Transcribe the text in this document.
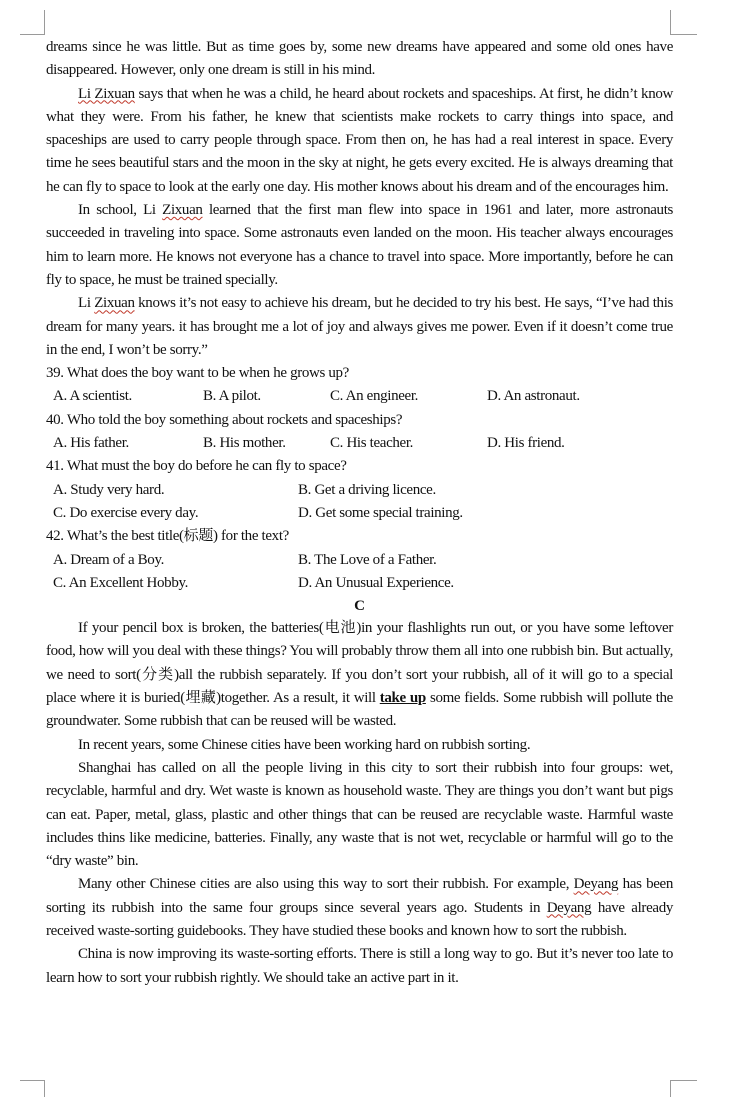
dreams since he was little. But as time goes by, some new dreams have appeared and some old ones have disappeared. However, only one dream is still in his mind.

Li Zixuan says that when he was a child, he heard about rockets and spaceships. At first, he didn’t know what they were. From his father, he knew that scientists make rockets to carry things into space, and spaceships are used to carry people through space. From then on, he has had a real interest in space. Every time he sees beautiful stars and the moon in the sky at night, he gets every excited. He is always dreaming that he can fly to space to look at the early one day. His mother knows about his dream and of the encourages him.

In school, Li Zixuan learned that the first man flew into space in 1961 and later, more astronauts succeeded in traveling into space. Some astronauts even landed on the moon. His teacher always encourages him to learn more. He knows not everyone has a chance to travel into space. More importantly, before he can fly to space, he must be trained specially.

Li Zixuan knows it’s not easy to achieve his dream, but he decided to try his best. He says, “I’ve had this dream for many years. it has brought me a lot of joy and always gives me power. Even if it doesn’t come true in the end, I won’t be sorry.”

39. What does the boy want to be when he grows up?

A. A scientist.	B. A pilot.	C. An engineer.	D. An astronaut.

40. Who told the boy something about rockets and spaceships?

A. His father.	B. His mother.	C. His teacher.	D. His friend.

41. What must the boy do before he can fly to space?

A. Study very hard.	B. Get a driving licence.
C. Do exercise every day.	D. Get some special training.

42. What’s the best title(标题) for the text?

A. Dream of a Boy.	B. The Love of a Father.
C. An Excellent Hobby.	D. An Unusual Experience.

C

If your pencil box is broken, the batteries(电池)in your flashlights run out, or you have some leftover food, how will you deal with these things? You will probably throw them all into one rubbish bin. But actually, we need to sort(分类)all the rubbish separately. If you don’t sort your rubbish, all of it will go to a special place where it is buried(埋藏)together. As a result, it will take up some fields. Some rubbish will pollute the groundwater. Some rubbish that can be reused will be wasted.

In recent years, some Chinese cities have been working hard on rubbish sorting.

Shanghai has called on all the people living in this city to sort their rubbish into four groups: wet, recyclable, harmful and dry. Wet waste is known as household waste. They are things you don’t want but pigs can eat. Paper, metal, glass, plastic and other things that can be reused are recyclable waste. Harmful waste includes thins like medicine, batteries. Finally, any waste that is not wet, recyclable or harmful will go to the “dry waste” bin.

Many other Chinese cities are also using this way to sort their rubbish. For example, Deyang has been sorting its rubbish into the same four groups since several years ago. Students in Deyang have already received waste-sorting guidebooks. They have studied these books and known how to sort the rubbish.

China is now improving its waste-sorting efforts. There is still a long way to go. But it’s never too late to learn how to sort your rubbish rightly. We should take an active part in it.
